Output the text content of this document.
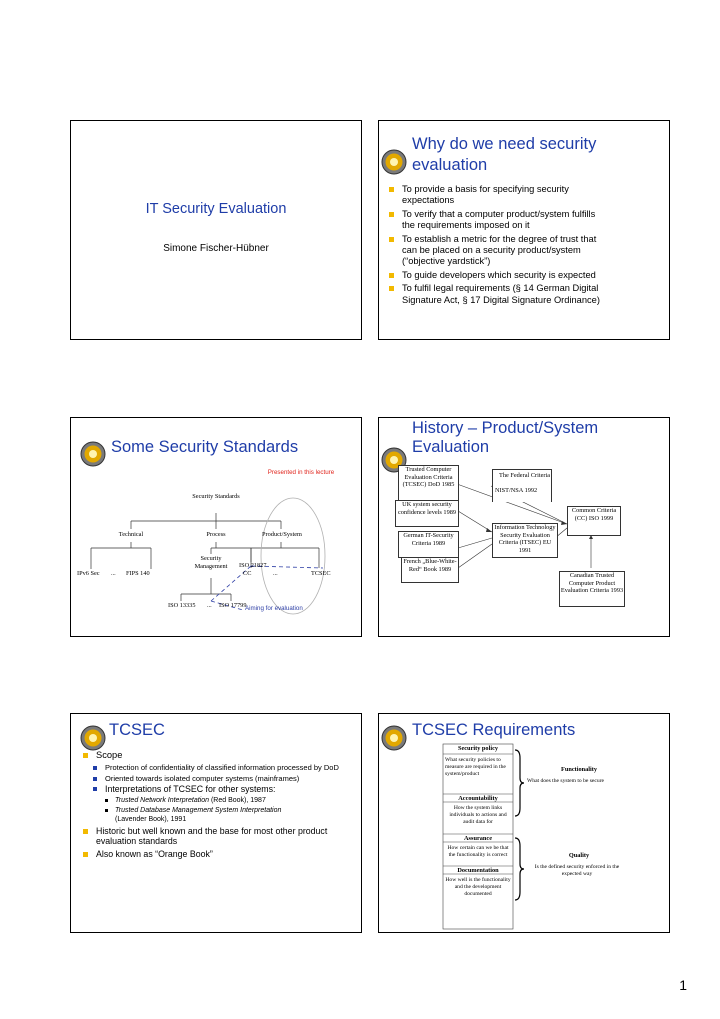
IT Security Evaluation
Simone Fischer-Hübner
Why do we need security
evaluation
To provide a basis for specifying security expectations
To verify that a computer product/system fulfills the requirements imposed on it
To establish a metric for the degree of trust that can be placed on a security product/system (“objective yardstick”)
To guide developers which security is expected
To fulfil legal requirements (§ 14 German Digital Signature Act, § 17 Digital Signature Ordinance)
Some Security Standards
Presented in this lecture
Security Standards
Technical	Process	Product/System
Security Management	ISO 21827
IPv6 Sec ... FIPS 140	CC	...	TCSEC
ISO 13335 ... ISO 17799
Aiming for evaluation
History – Product/System
Evaluation
Trusted Computer Evaluation Criteria (TCSEC) DoD 1985
The Federal Criteria
NIST/NSA 1992
UK system security confidence levels 1989	Common Criteria (CC) ISO 1999
Information Technology Security Evaluation Criteria (ITSEC) EU 1991
German IT-Security Criteria 1989
French „Blue-White-Red“ Book 1989
Canadian Trusted Computer Product Evaluation Criteria 1993
TCSEC
Scope
Protection of confidentiality of classified information processed by DoD
Oriented towards isolated computer systems (mainframes)
Interpretations of TCSEC for other systems:
Trusted Network Interpretation (Red Book), 1987
Trusted Database Management System Interpretation
(Lavender Book), 1991
Historic but well known and the base for most other product evaluation standards
Also known as “Orange Book”
TCSEC Requirements
Security policy
What security policies to measure are required in the system/product
Accountability
How the system links individuals to actions and audit data for
Assurance
How certain can we be that the functionality is correct
Documentation
How well is the functionality and the development documented
Functionality
What does the system to be secure
Quality
Is the defined security enforced in the expected way
1
